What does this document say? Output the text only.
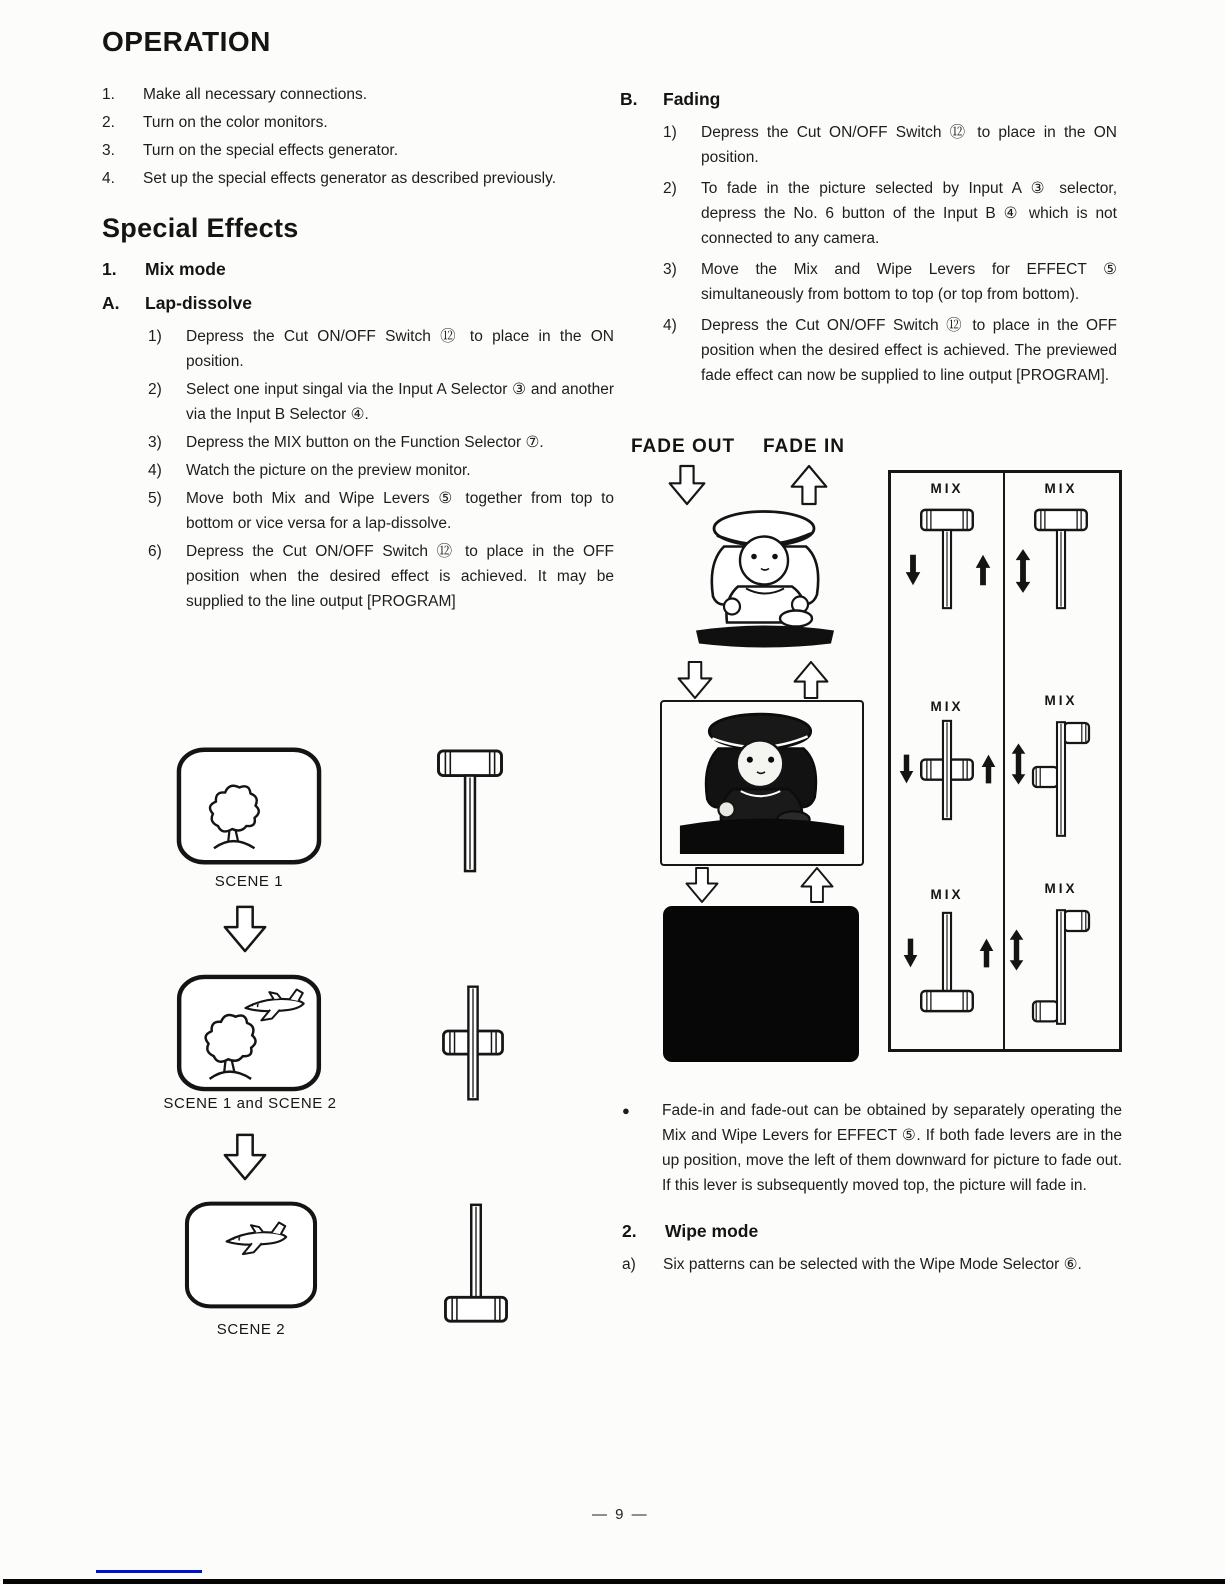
OPERATION
1.	Make all necessary connections.
2.	Turn on the color monitors.
3.	Turn on the special effects generator.
4.	Set up the special effects generator as described previously.
Special Effects
1.	Mix mode
A.	Lap-dissolve
1)	Depress the Cut ON/OFF Switch ⑫ to place in the ON position.
2)	Select one input singal via the Input A Selector ③ and another via the Input B Selector ④.
3)	Depress the MIX button on the Function Selector ⑦.
4)	Watch the picture on the preview monitor.
5)	Move both Mix and Wipe Levers ⑤ together from top to bottom or vice versa for a lap-dissolve.
6)	Depress the Cut ON/OFF Switch ⑫ to place in the OFF position when the desired effect is achieved. It may be supplied to the line output [PROGRAM]
B.	Fading
1)	Depress the Cut ON/OFF Switch ⑫ to place in the ON position.
2)	To fade in the picture selected by Input A ③ selector, depress the No. 6 button of the Input B ④ which is not connected to any camera.
3)	Move the Mix and Wipe Levers for EFFECT ⑤ simultaneously from bottom to top (or top from bottom).
4)	Depress the Cut ON/OFF Switch ⑫ to place in the OFF position when the desired effect is achieved. The previewed fade effect can now be supplied to line output [PROGRAM].
SCENE 1
SCENE 1 and SCENE 2
SCENE 2
FADE OUT FADE IN
MIX	MIX
MIX	MIX
MIX	MIX
●	Fade-in and fade-out can be obtained by separately operating the Mix and Wipe Levers for EFFECT ⑤. If both fade levers are in the up position, move the left of them downward for picture to fade out. If this lever is subsequently moved top, the picture will fade in.
2.	Wipe mode
a)	Six patterns can be selected with the Wipe Mode Selector ⑥.
— 9 —
